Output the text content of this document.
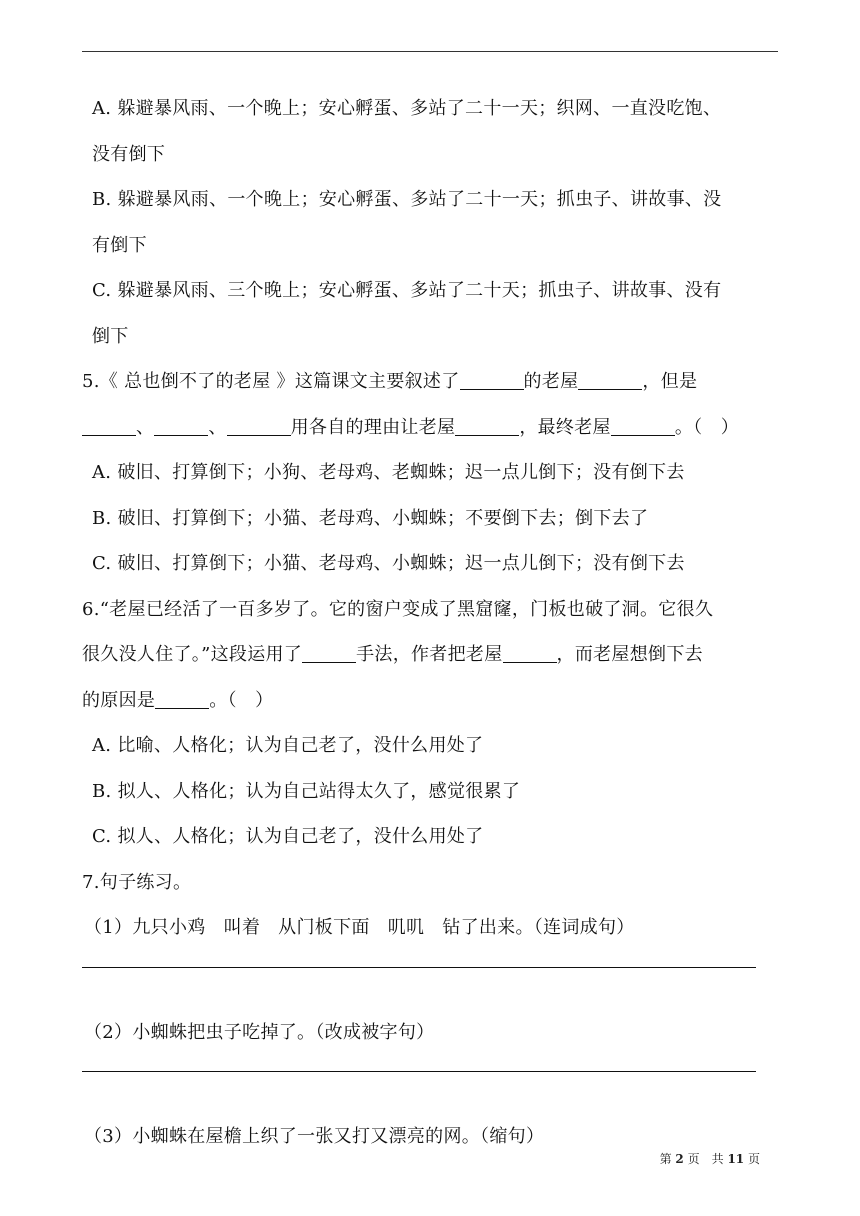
A. 躲避暴风雨、一个晚上；安心孵蛋、多站了二十一天；织网、一直没吃饱、
没有倒下
B. 躲避暴风雨、一个晚上；安心孵蛋、多站了二十一天；抓虫子、讲故事、没
有倒下
C. 躲避暴风雨、三个晚上；安心孵蛋、多站了二十天；抓虫子、讲故事、没有
倒下
5.《 总也倒不了的老屋 》这篇课文主要叙述了	的老屋	，但是
、	、	用各自的理由让老屋	，最终老屋	。（　）
A. 破旧、打算倒下；小狗、老母鸡、老蜘蛛；迟一点儿倒下；没有倒下去
B. 破旧、打算倒下；小猫、老母鸡、小蜘蛛；不要倒下去；倒下去了
C. 破旧、打算倒下；小猫、老母鸡、小蜘蛛；迟一点儿倒下；没有倒下去
6.“老屋已经活了一百多岁了。它的窗户变成了黑窟窿，门板也破了洞。它很久
很久没人住了。”这段运用了	手法，作者把老屋	，而老屋想倒下去
的原因是	。（　）
A. 比喻、人格化；认为自己老了，没什么用处了
B. 拟人、人格化；认为自己站得太久了，感觉很累了
C. 拟人、人格化；认为自己老了，没什么用处了
7.句子练习。
（1）九只小鸡 叫着 从门板下面 叽叽 钻了出来。（连词成句）
（2）小蜘蛛把虫子吃掉了。（改成被字句）
（3）小蜘蛛在屋檐上织了一张又打又漂亮的网。（缩句）
第 2 页　共 11 页
